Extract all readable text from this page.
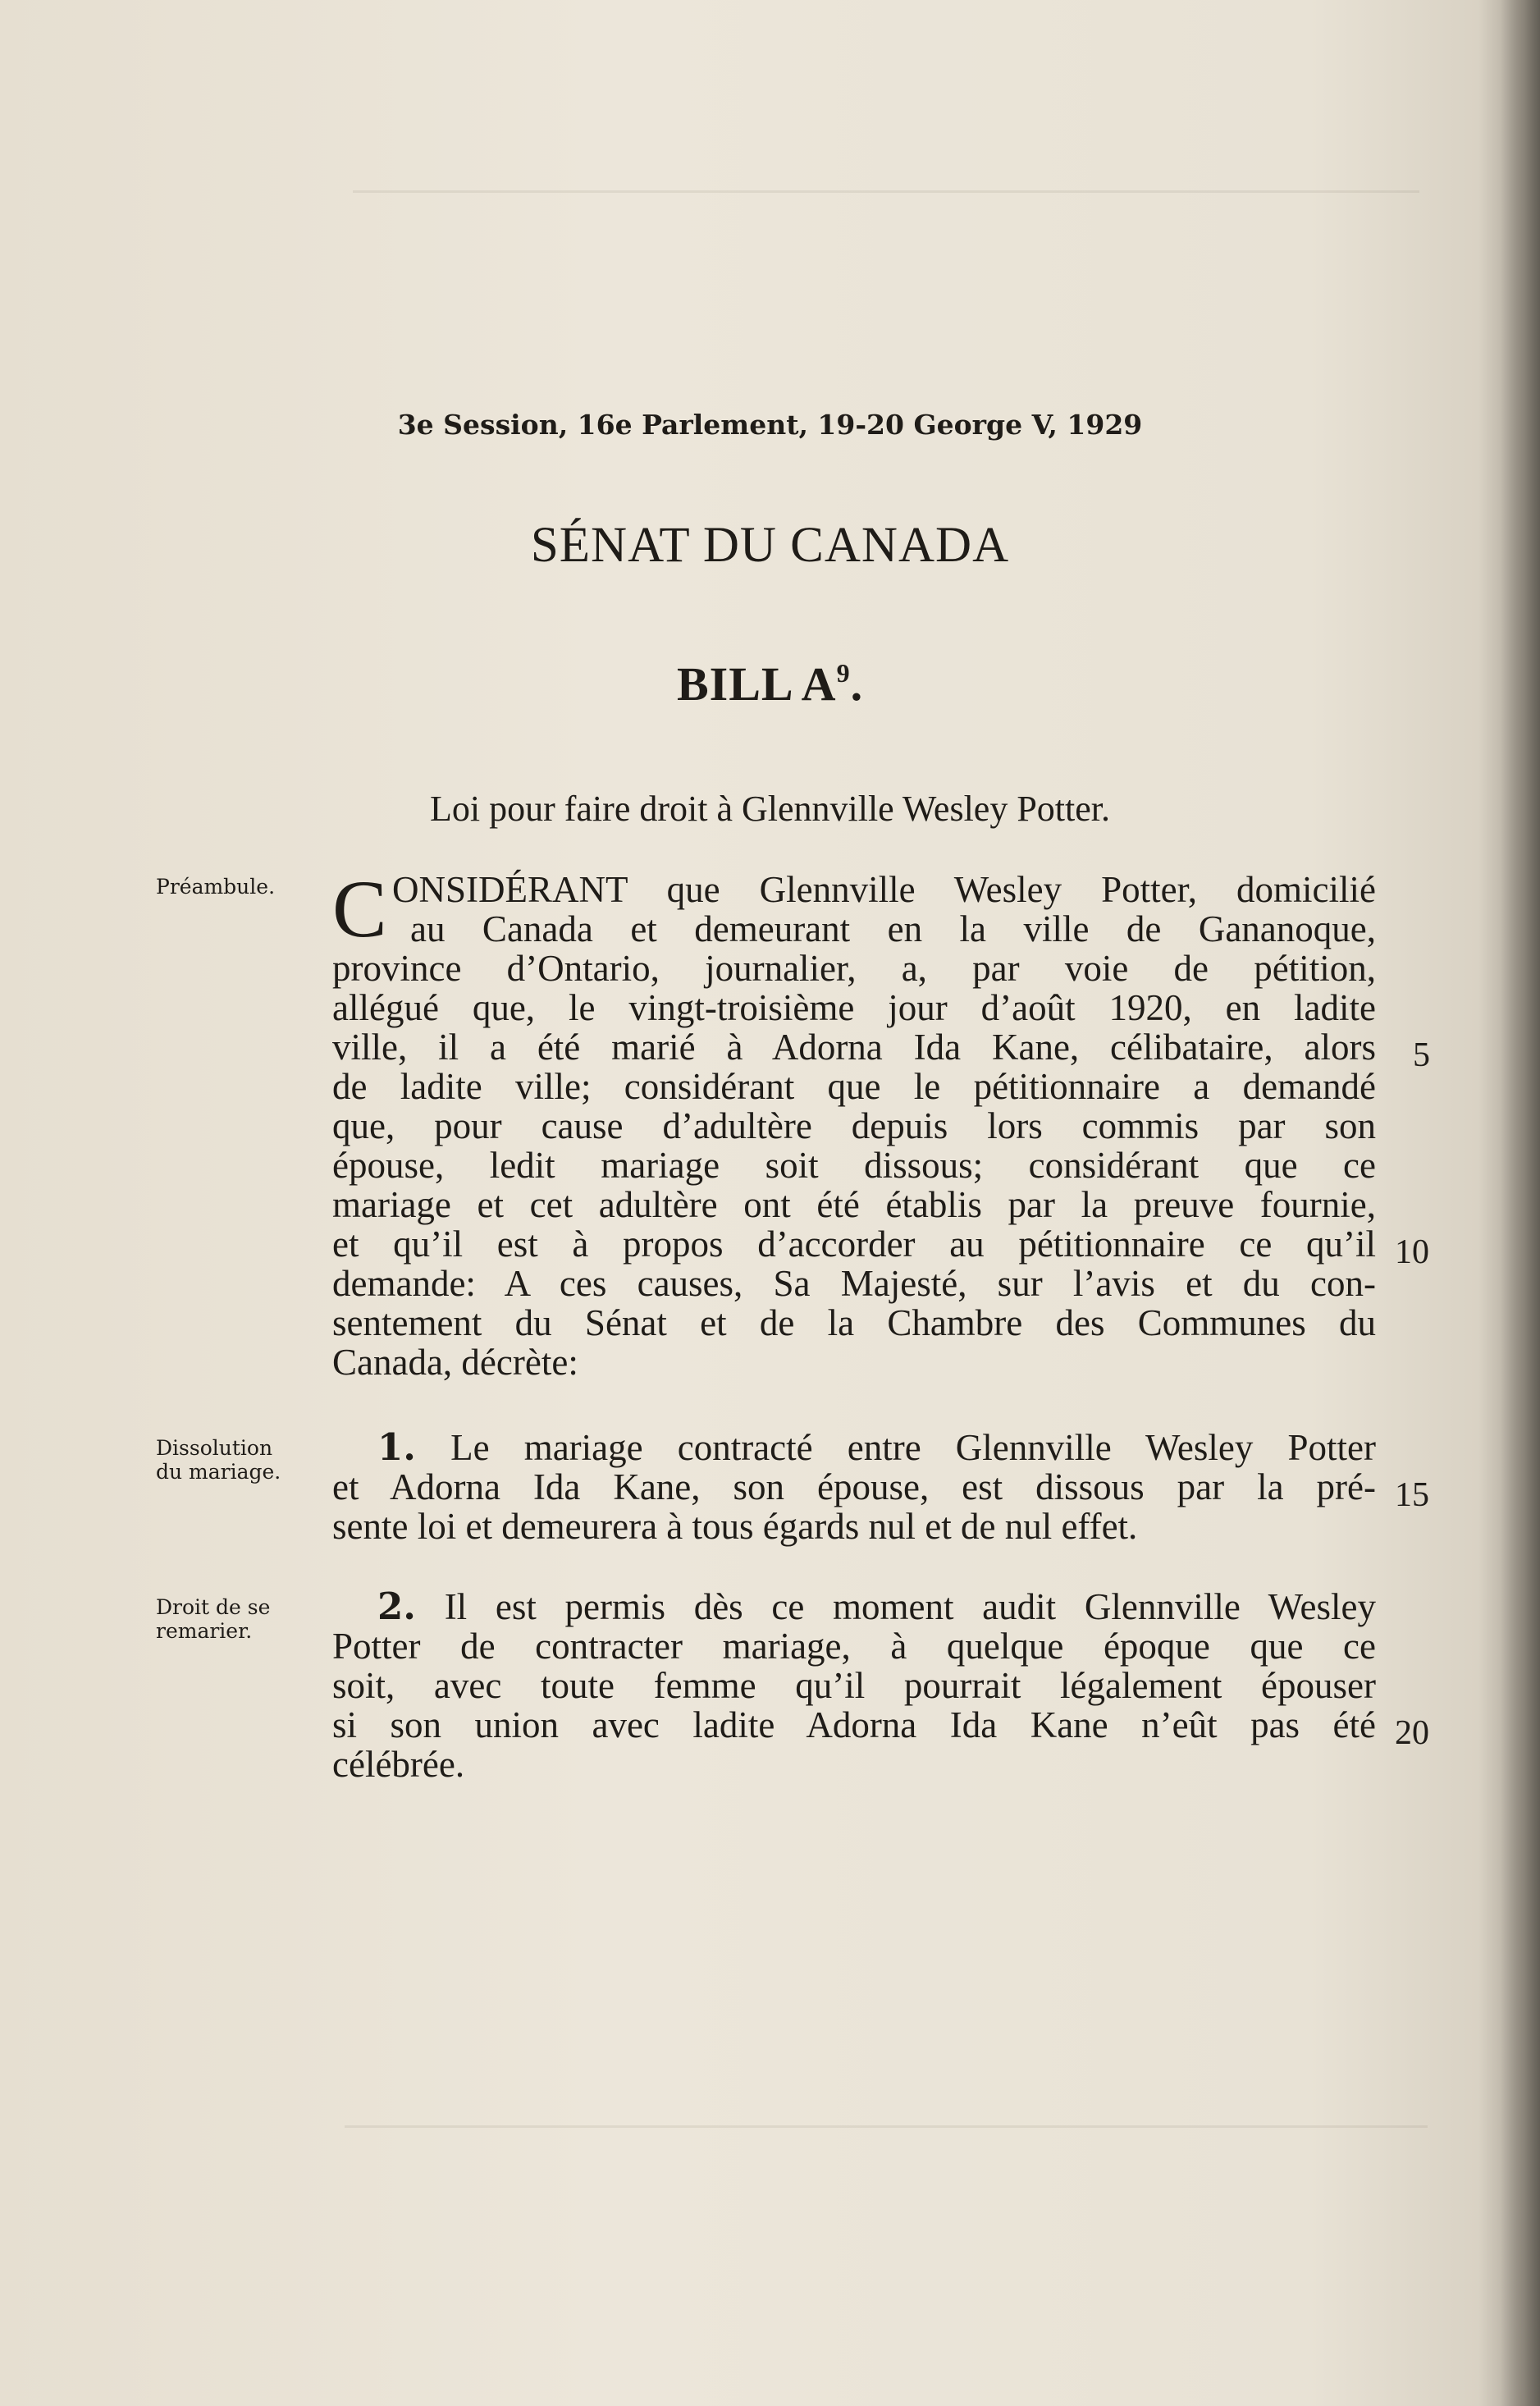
3e Session, 16e Parlement, 19-20 George V, 1929
SÉNAT DU CANADA
BILL $A^9$.
Loi pour faire droit à Glennville Wesley Potter.
Préambule.
Dissolution
du mariage.
Droit de se
remarier.
C ONSIDÉRANT que Glennville Wesley Potter, domicilié
au Canada et demeurant en la ville de Gananoque,
province d’Ontario, journalier, a, par voie de pétition,
allégué que, le vingt-troisième jour d’août 1920, en ladite
ville, il a été marié à Adorna Ida Kane, célibataire, alors
de ladite ville; considérant que le pétitionnaire a demandé
que, pour cause d’adultère depuis lors commis par son
épouse, ledit mariage soit dissous; considérant que ce
mariage et cet adultère ont été établis par la preuve fournie,
et qu’il est à propos d’accorder au pétitionnaire ce qu’il
demande: A ces causes, Sa Majesté, sur l’avis et du con-
sentement du Sénat et de la Chambre des Communes du
Canada, décrète:
1. Le mariage contracté entre Glennville Wesley Potter
et Adorna Ida Kane, son épouse, est dissous par la pré-
sente loi et demeurera à tous égards nul et de nul effet.
2. Il est permis dès ce moment audit Glennville Wesley
Potter de contracter mariage, à quelque époque que ce
soit, avec toute femme qu’il pourrait légalement épouser
si son union avec ladite Adorna Ida Kane n’eût pas été
célébrée.
5
10
15
20
